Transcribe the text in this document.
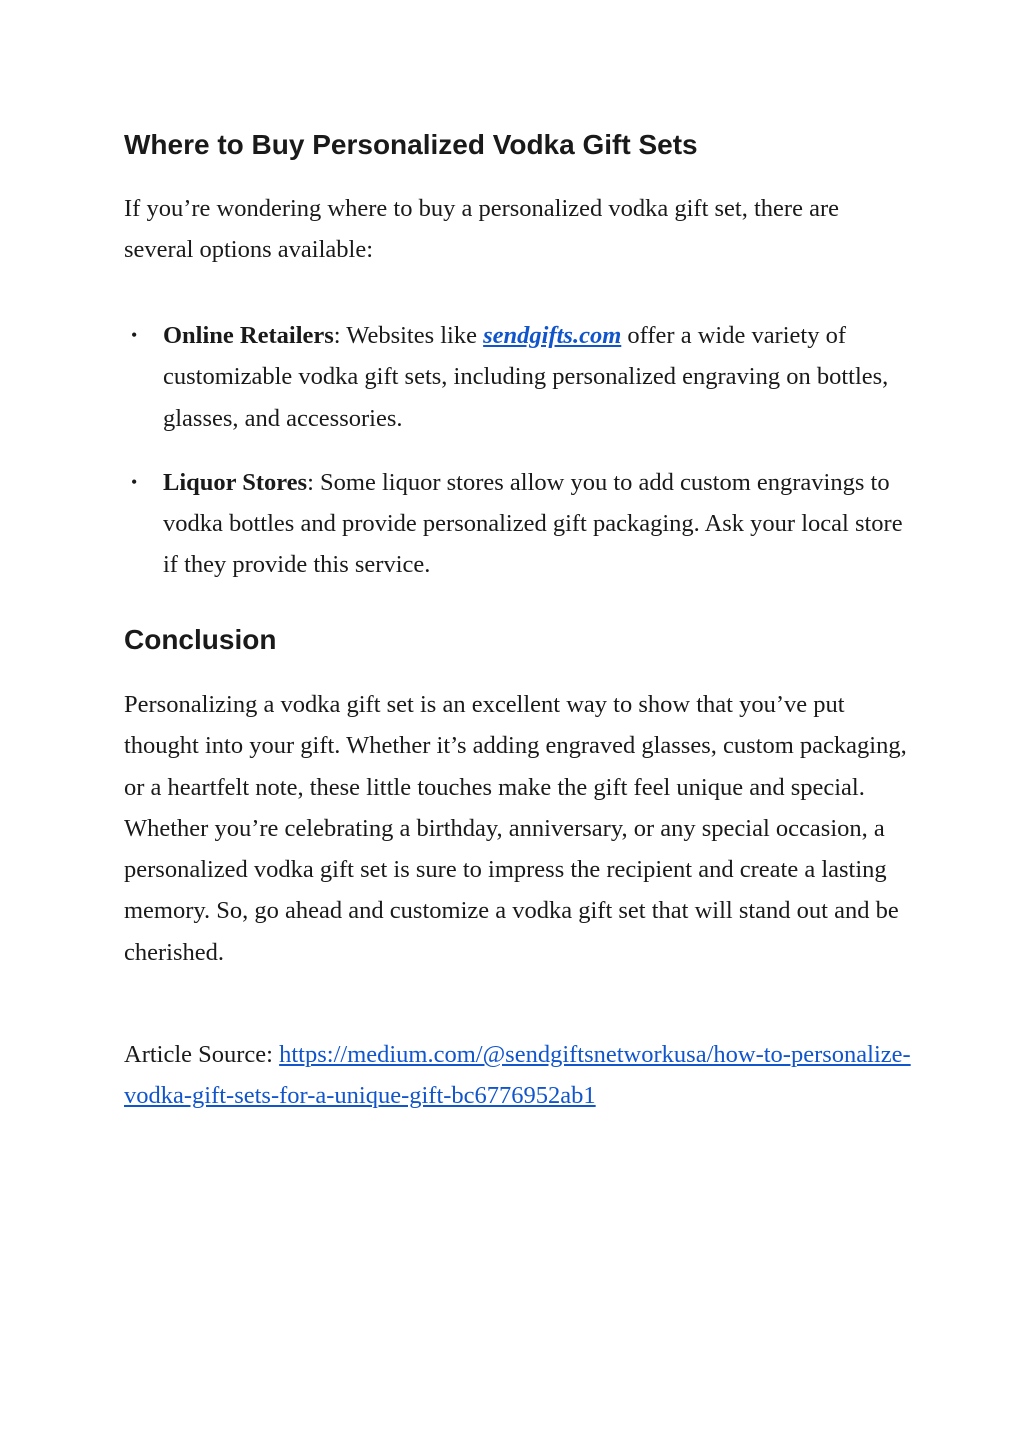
Where to Buy Personalized Vodka Gift Sets

If you’re wondering where to buy a personalized vodka gift set, there are several options available:

• Online Retailers: Websites like sendgifts.com offer a wide variety of customizable vodka gift sets, including personalized engraving on bottles, glasses, and accessories.
• Liquor Stores: Some liquor stores allow you to add custom engravings to vodka bottles and provide personalized gift packaging. Ask your local store if they provide this service.
Conclusion

Personalizing a vodka gift set is an excellent way to show that you’ve put thought into your gift. Whether it’s adding engraved glasses, custom packaging, or a heartfelt note, these little touches make the gift feel unique and special. Whether you’re celebrating a birthday, anniversary, or any special occasion, a personalized vodka gift set is sure to impress the recipient and create a lasting memory. So, go ahead and customize a vodka gift set that will stand out and be cherished.

Article Source: https://medium.com/@sendgiftsnetworkusa/how-to-personalize-vodka-gift-sets-for-a-unique-gift-bc6776952ab1
